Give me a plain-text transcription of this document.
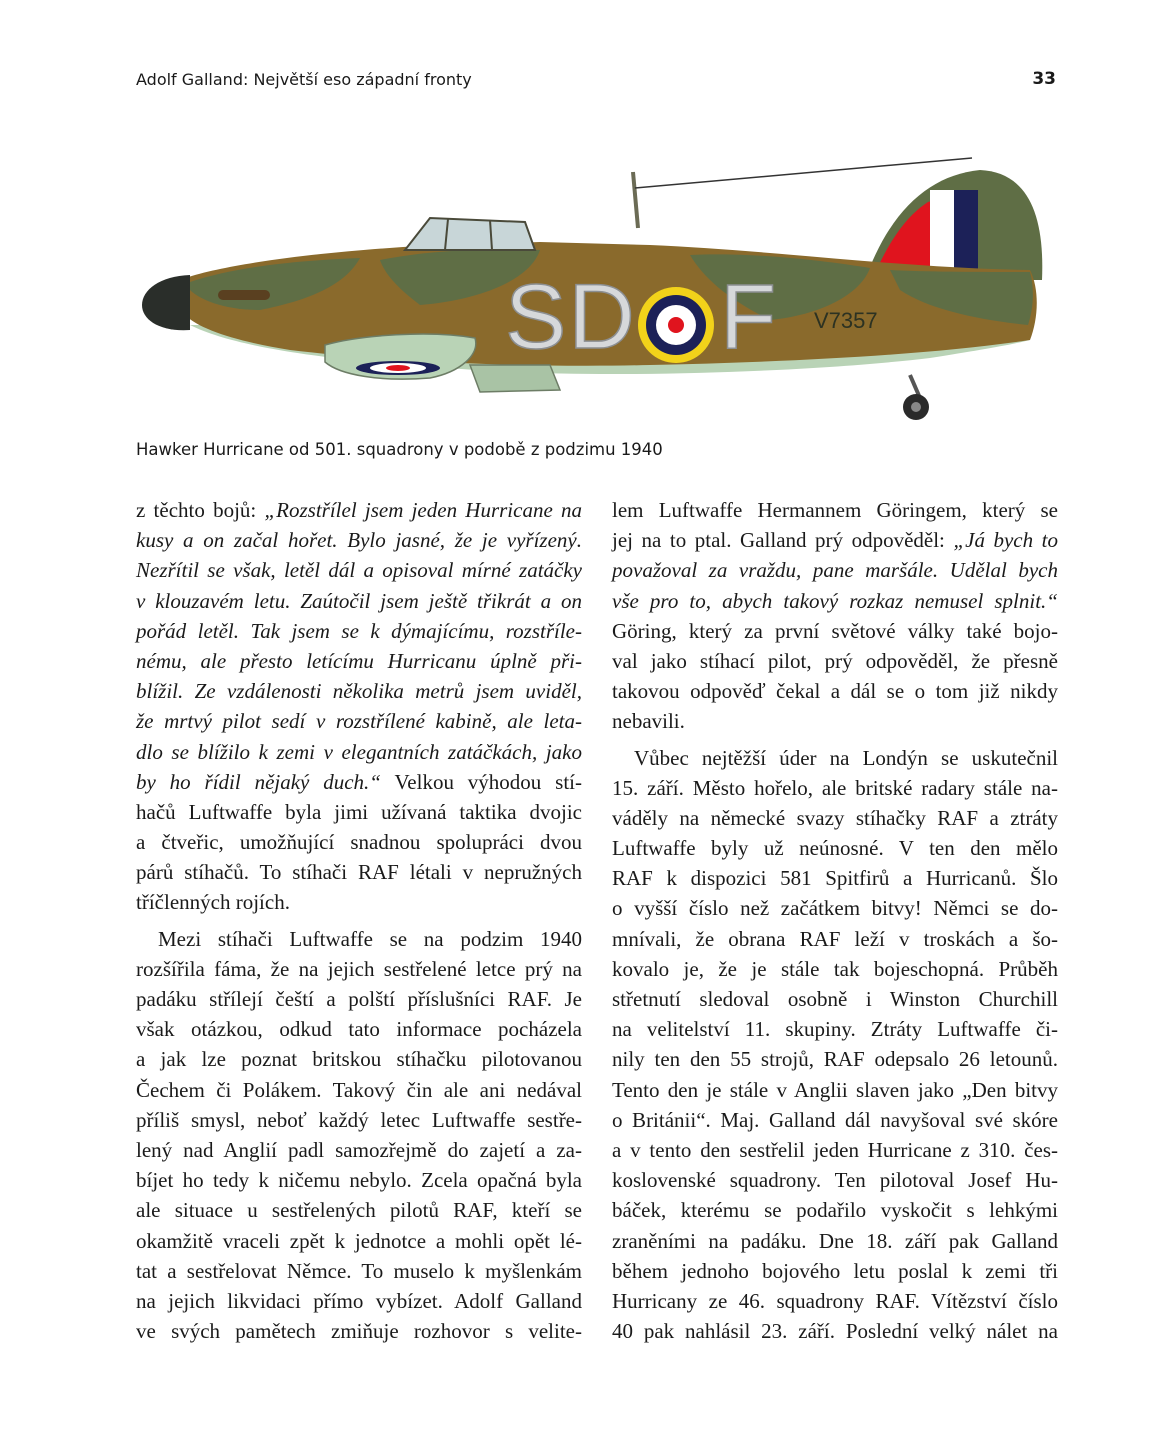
Adolf Galland: Největší eso západní fronty	33
SD F V7357
Hawker Hurricane od 501. squadrony v podobě z podzimu 1940
z těchto bojů: „Rozstřílel jsem jeden Hurricane na
kusy a on začal hořet. Bylo jasné, že je vyřízený.
Nezřítil se však, letěl dál a opisoval mírné zatáčky
v klouzavém letu. Zaútočil jsem ještě třikrát a on
pořád letěl. Tak jsem se k dýmajícímu, rozstříle-
nému, ale přesto letícímu Hurricanu úplně při-
blížil. Ze vzdálenosti několika metrů jsem uviděl,
že mrtvý pilot sedí v rozstřílené kabině, ale leta-
dlo se blížilo k zemi v elegantních zatáčkách, jako
by ho řídil nějaký duch.“ Velkou výhodou stí-
hačů Luftwaffe byla jimi užívaná taktika dvojic
a čtveřic, umožňující snadnou spolupráci dvou
párů stíhačů. To stíhači RAF létali v nepružných
tříčlenných rojích.
Mezi stíhači Luftwaffe se na podzim 1940
rozšířila fáma, že na jejich sestřelené letce prý na
padáku střílejí čeští a polští příslušníci RAF. Je
však otázkou, odkud tato informace pocházela
a jak lze poznat britskou stíhačku pilotovanou
Čechem či Polákem. Takový čin ale ani nedával
příliš smysl, neboť každý letec Luftwaffe sestře-
lený nad Anglií padl samozřejmě do zajetí a za-
bíjet ho tedy k ničemu nebylo. Zcela opačná byla
ale situace u sestřelených pilotů RAF, kteří se
okamžitě vraceli zpět k jednotce a mohli opět lé-
tat a sestřelovat Němce. To muselo k myšlenkám
na jejich likvidaci přímo vybízet. Adolf Galland
ve svých pamětech zmiňuje rozhovor s velite-
lem Luftwaffe Hermannem Göringem, který se
jej na to ptal. Galland prý odpověděl: „Já bych to
považoval za vraždu, pane maršále. Udělal bych
vše pro to, abych takový rozkaz nemusel splnit.“
Göring, který za první světové války také bojo-
val jako stíhací pilot, prý odpověděl, že přesně
takovou odpověď čekal a dál se o tom již nikdy
nebavili.
Vůbec nejtěžší úder na Londýn se uskutečnil
15. září. Město hořelo, ale britské radary stále na-
váděly na německé svazy stíhačky RAF a ztráty
Luftwaffe byly už neúnosné. V ten den mělo
RAF k dispozici 581 Spitfirů a Hurricanů. Šlo
o vyšší číslo než začátkem bitvy! Němci se do-
mnívali, že obrana RAF leží v troskách a šo-
kovalo je, že je stále tak bojeschopná. Průběh
střetnutí sledoval osobně i Winston Churchill
na velitelství 11. skupiny. Ztráty Luftwaffe či-
nily ten den 55 strojů, RAF odepsalo 26 letounů.
Tento den je stále v Anglii slaven jako „Den bitvy
o Británii“. Maj. Galland dál navyšoval své skóre
a v tento den sestřelil jeden Hurricane z 310. čes-
koslovenské squadrony. Ten pilotoval Josef Hu-
báček, kterému se podařilo vyskočit s lehkými
zraněními na padáku. Dne 18. září pak Galland
během jednoho bojového letu poslal k zemi tři
Hurricany ze 46. squadrony RAF. Vítězství číslo
40 pak nahlásil 23. září. Poslední velký nálet na
